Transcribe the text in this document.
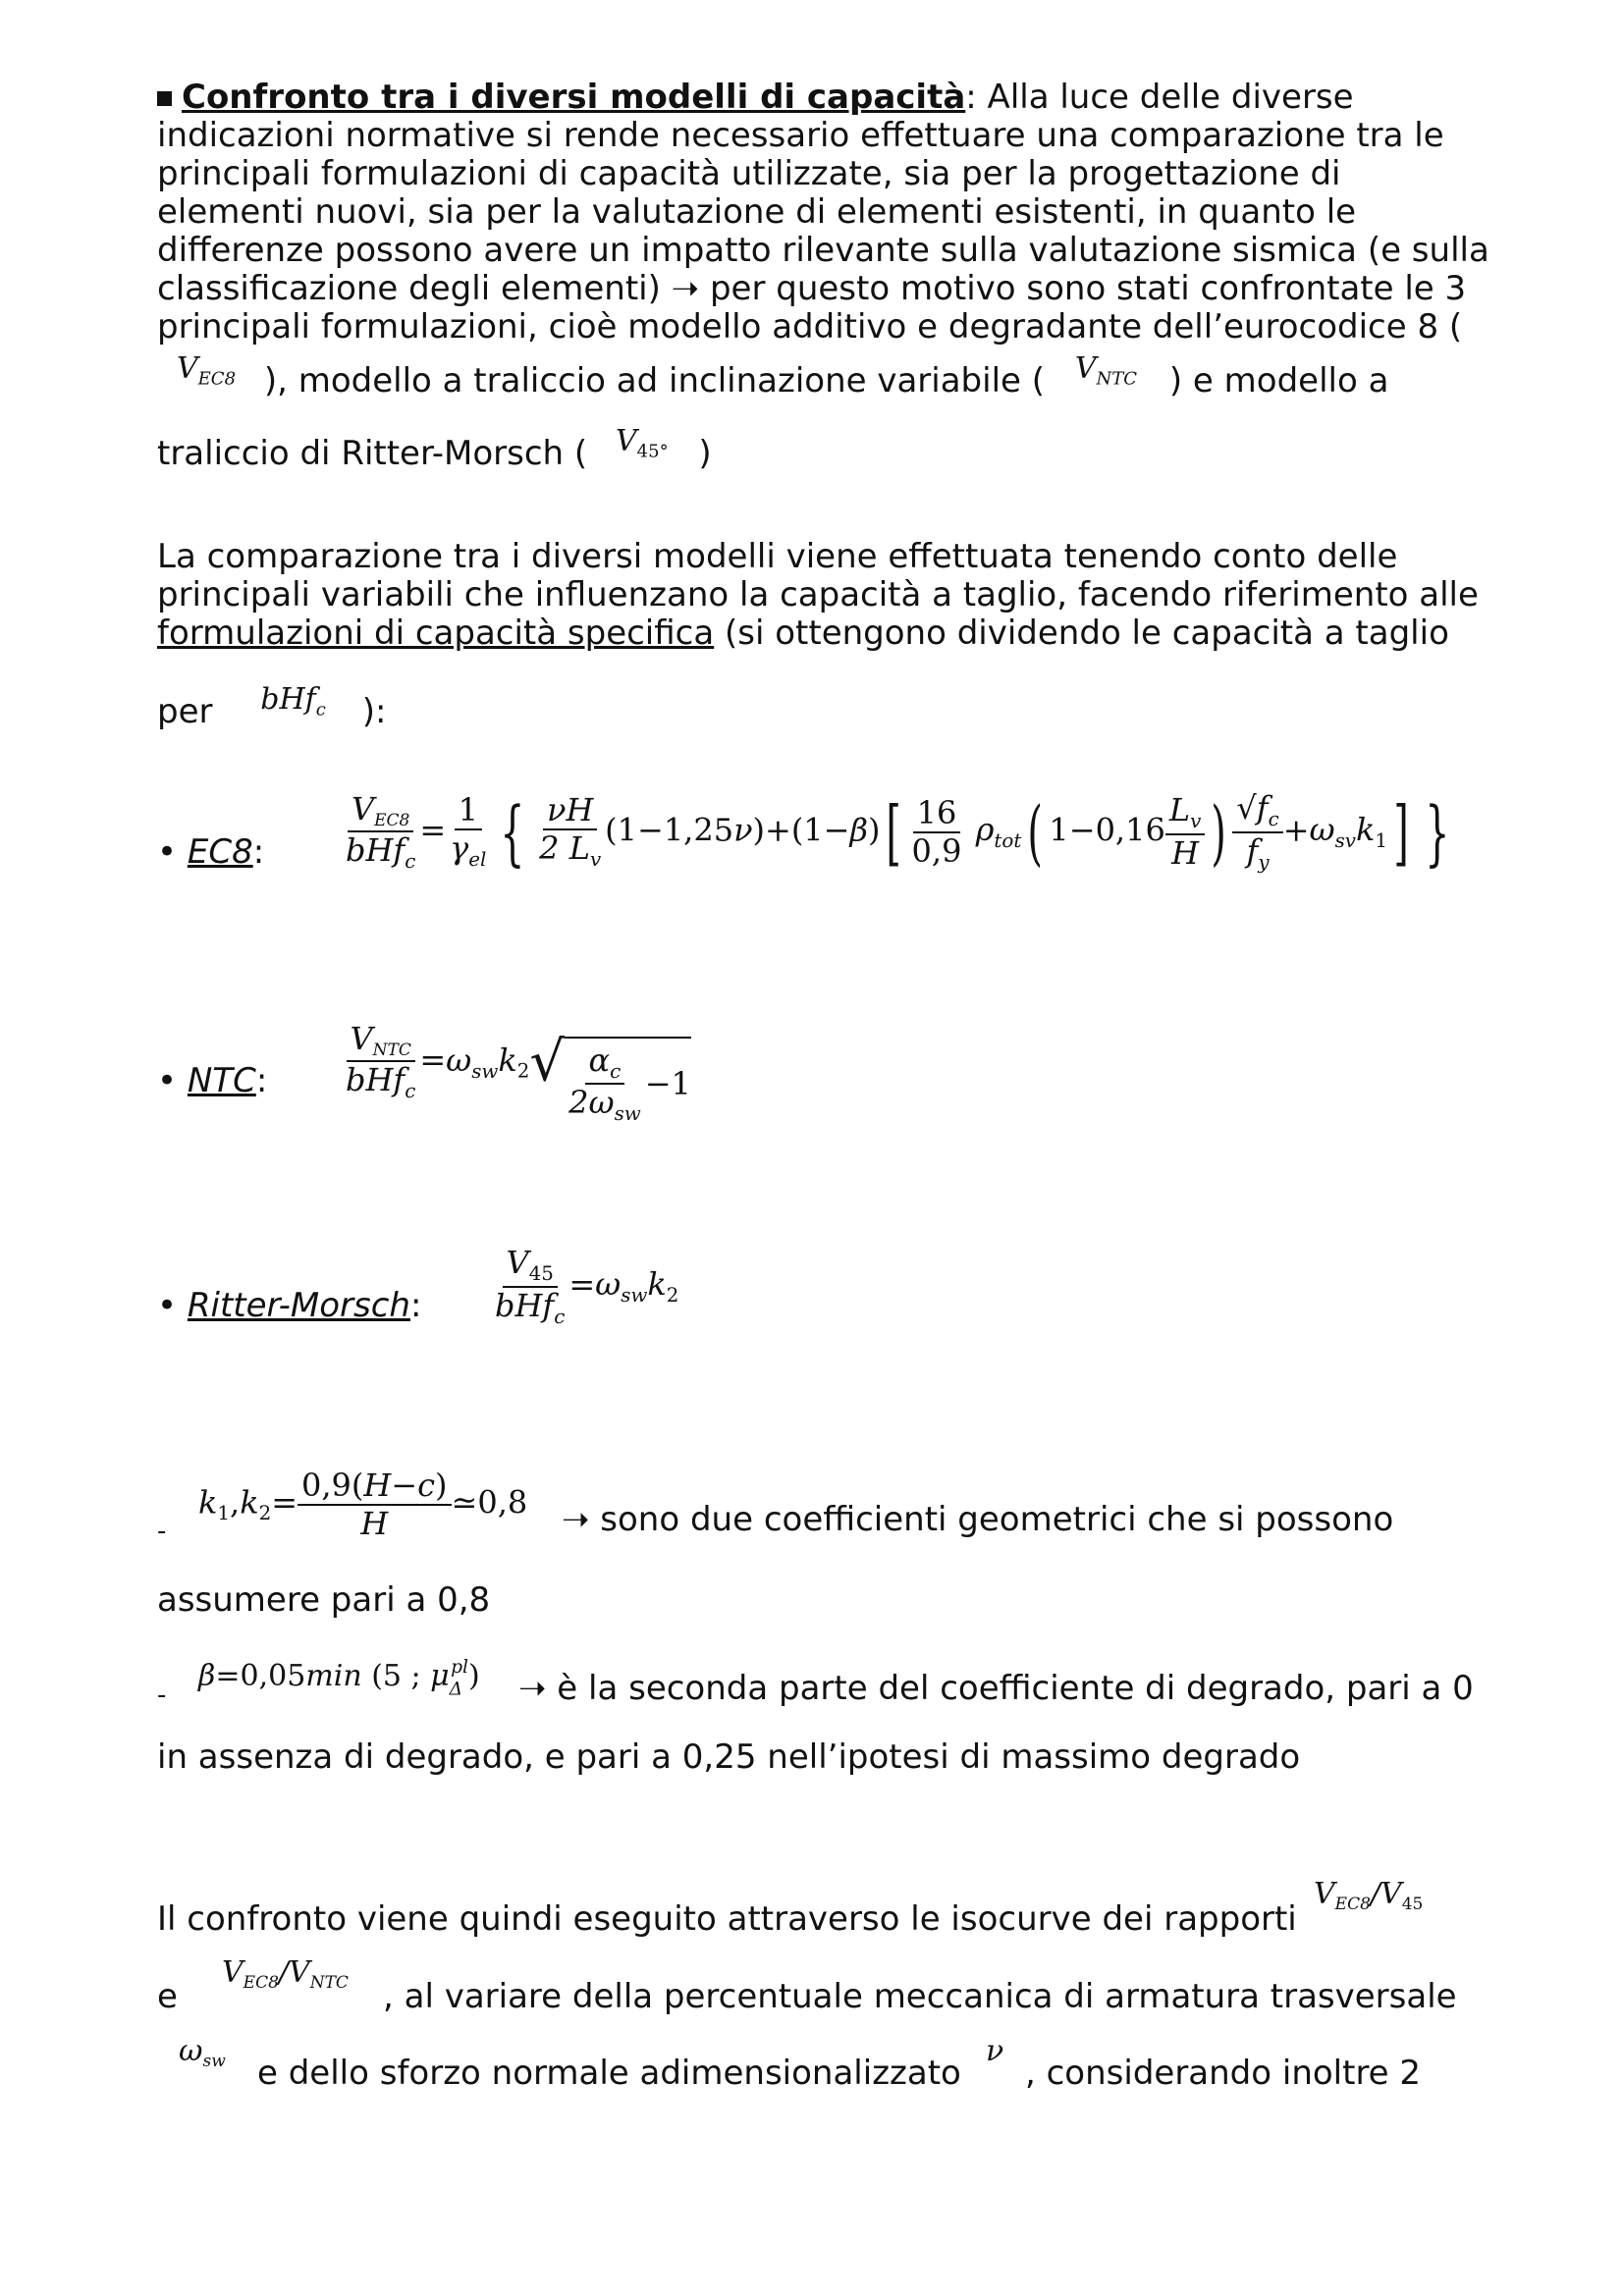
Confronto tra i diversi modelli di capacità: Alla luce delle diverse indicazioni normative si rende necessario effettuare una comparazione tra le principali formulazioni di capacità utilizzate, sia per la progettazione di elementi nuovi, sia per la valutazione di elementi esistenti, in quanto le differenze possono avere un impatto rilevante sulla valutazione sismica (e sulla classificazione degli elementi) ➝ per questo motivo sono stati confrontate le 3 principali formulazioni, cioè modello additivo e degradante dell’eurocodice 8 (
$V_{EC8}$ ), modello a traliccio ad inclinazione variabile ( $V_{NTC}$ ) e modello a
traliccio di Ritter-Morsch ( $V_{45^\circ}$ )
La comparazione tra i diversi modelli viene effettuata tenendo conto delle principali variabili che influenzano la capacità a taglio, facendo riferimento alle formulazioni di capacità specifica (si ottengono dividendo le capacità a taglio
per bHf$_c$ ):
• EC8: $\frac{V_{EC8}}{bHf_c} = \frac{1}{\gamma_{el}}$ { $\frac{\nu H}{2 L_v} (1-1,25\nu)+(1-\beta)[ \frac{16}{0,9} \rho_{tot}$( $1-0,16 \frac{L_v}{H}$ ) $\frac{√f_c}{f_y} +\omega_{sv}k_1$] }
• NTC: $\frac{V_{NTC}}{bHf_c} =\omega_{sw}k_2√ \frac{\alpha_c}{2\omega_{sw}} -1$
• Ritter-Morsch: $\frac{V_{45}}{bHf_c} =\omega_{sw}k_2$
-
$k_1,k_2= \frac{0,9(H-c)}{H}$ ≃0,8 ➝ sono due coefficienti geometrici che si possono
assumere pari a 0,8
-
β=0,05min (5 ; $\mu_\Delta^{pl}$) ➝ è la seconda parte del coefficiente di degrado, pari a 0
in assenza di degrado, e pari a 0,25 nell’ipotesi di massimo degrado
Il confronto viene quindi eseguito attraverso le isocurve dei rapporti
$V_{EC8}/V_{45}$
e
$V_{EC8}/V_{NTC}$ , al variare della percentuale meccanica di armatura trasversale
$\omega_{sw}$ e dello sforzo normale adimensionalizzato
ν
, considerando inoltre 2
